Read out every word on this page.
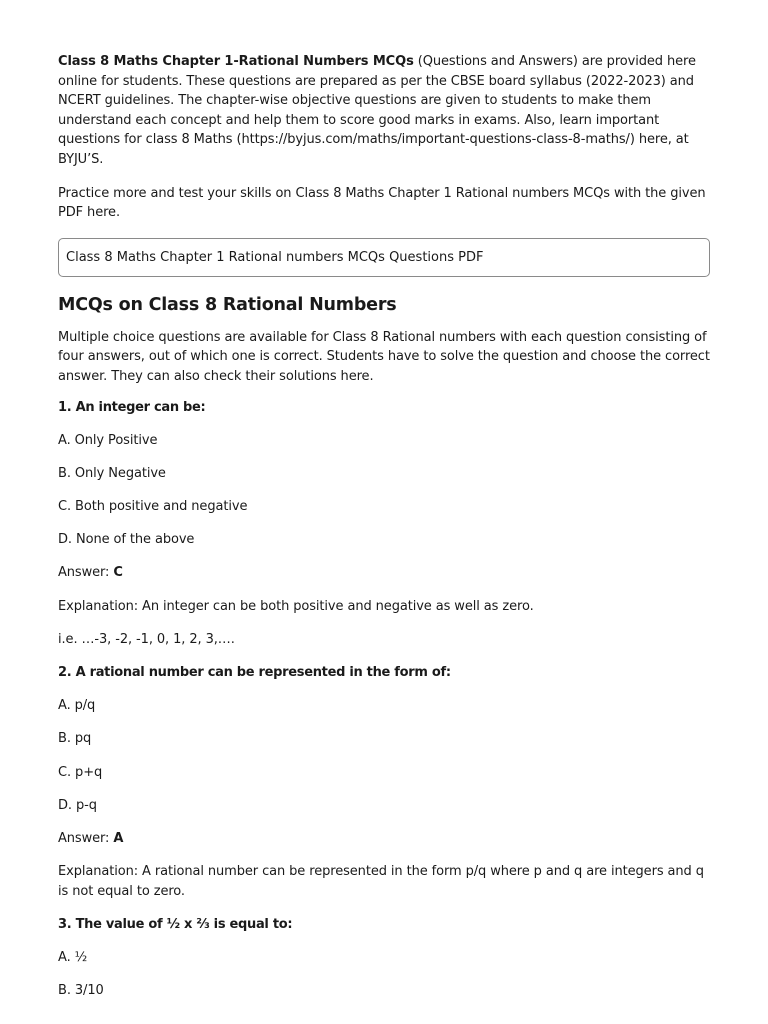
Class 8 Maths Chapter 1-Rational Numbers MCQs (Questions and Answers) are provided here online for students. These questions are prepared as per the CBSE board syllabus (2022-2023) and NCERT guidelines. The chapter-wise objective questions are given to students to make them understand each concept and help them to score good marks in exams. Also, learn important questions for class 8 Maths (https://byjus.com/maths/important-questions-class-8-maths/) here, at BYJU’S.

Practice more and test your skills on Class 8 Maths Chapter 1 Rational numbers MCQs with the given PDF here.

Class 8 Maths Chapter 1 Rational numbers MCQs Questions PDF
MCQs on Class 8 Rational Numbers

Multiple choice questions are available for Class 8 Rational numbers with each question consisting of four answers, out of which one is correct. Students have to solve the question and choose the correct answer. They can also check their solutions here.

1. An integer can be:

A. Only Positive

B. Only Negative

C. Both positive and negative

D. None of the above

Answer: C

Explanation: An integer can be both positive and negative as well as zero.

i.e. …-3, -2, -1, 0, 1, 2, 3,….

2. A rational number can be represented in the form of:

A. p/q

B. pq

C. p+q

D. p-q

Answer: A

Explanation: A rational number can be represented in the form p/q where p and q are integers and q is not equal to zero.

3. The value of ½ x ⅔ is equal to:

A. ½

B. 3/10
